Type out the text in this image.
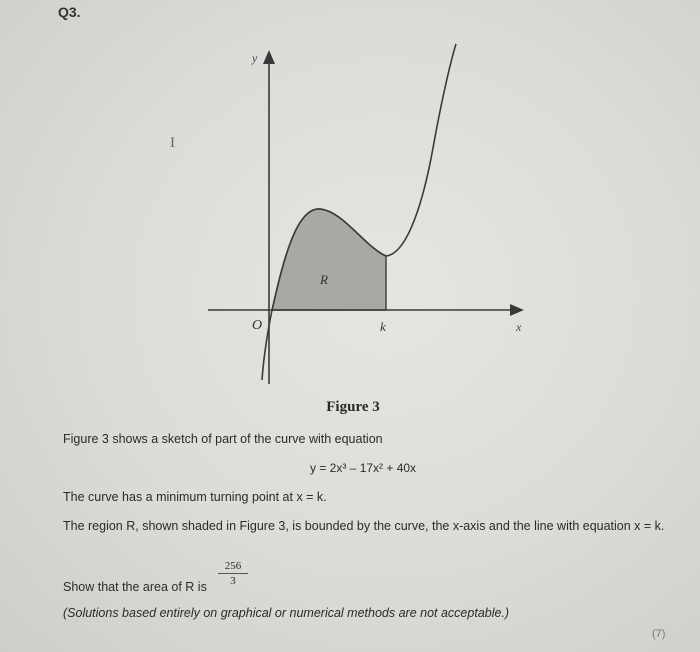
Q3.
I
y
x
O	k
R
Figure 3
Figure 3 shows a sketch of part of the curve with equation
y = 2x³ – 17x² + 40x
The curve has a minimum turning point at x = k.
The region R, shown shaded in Figure 3, is bounded by the curve, the x-axis and the line with equation x = k.
$\frac{256}{3}$
Show that the area of R is
(Solutions based entirely on graphical or numerical methods are not acceptable.)
(7)
